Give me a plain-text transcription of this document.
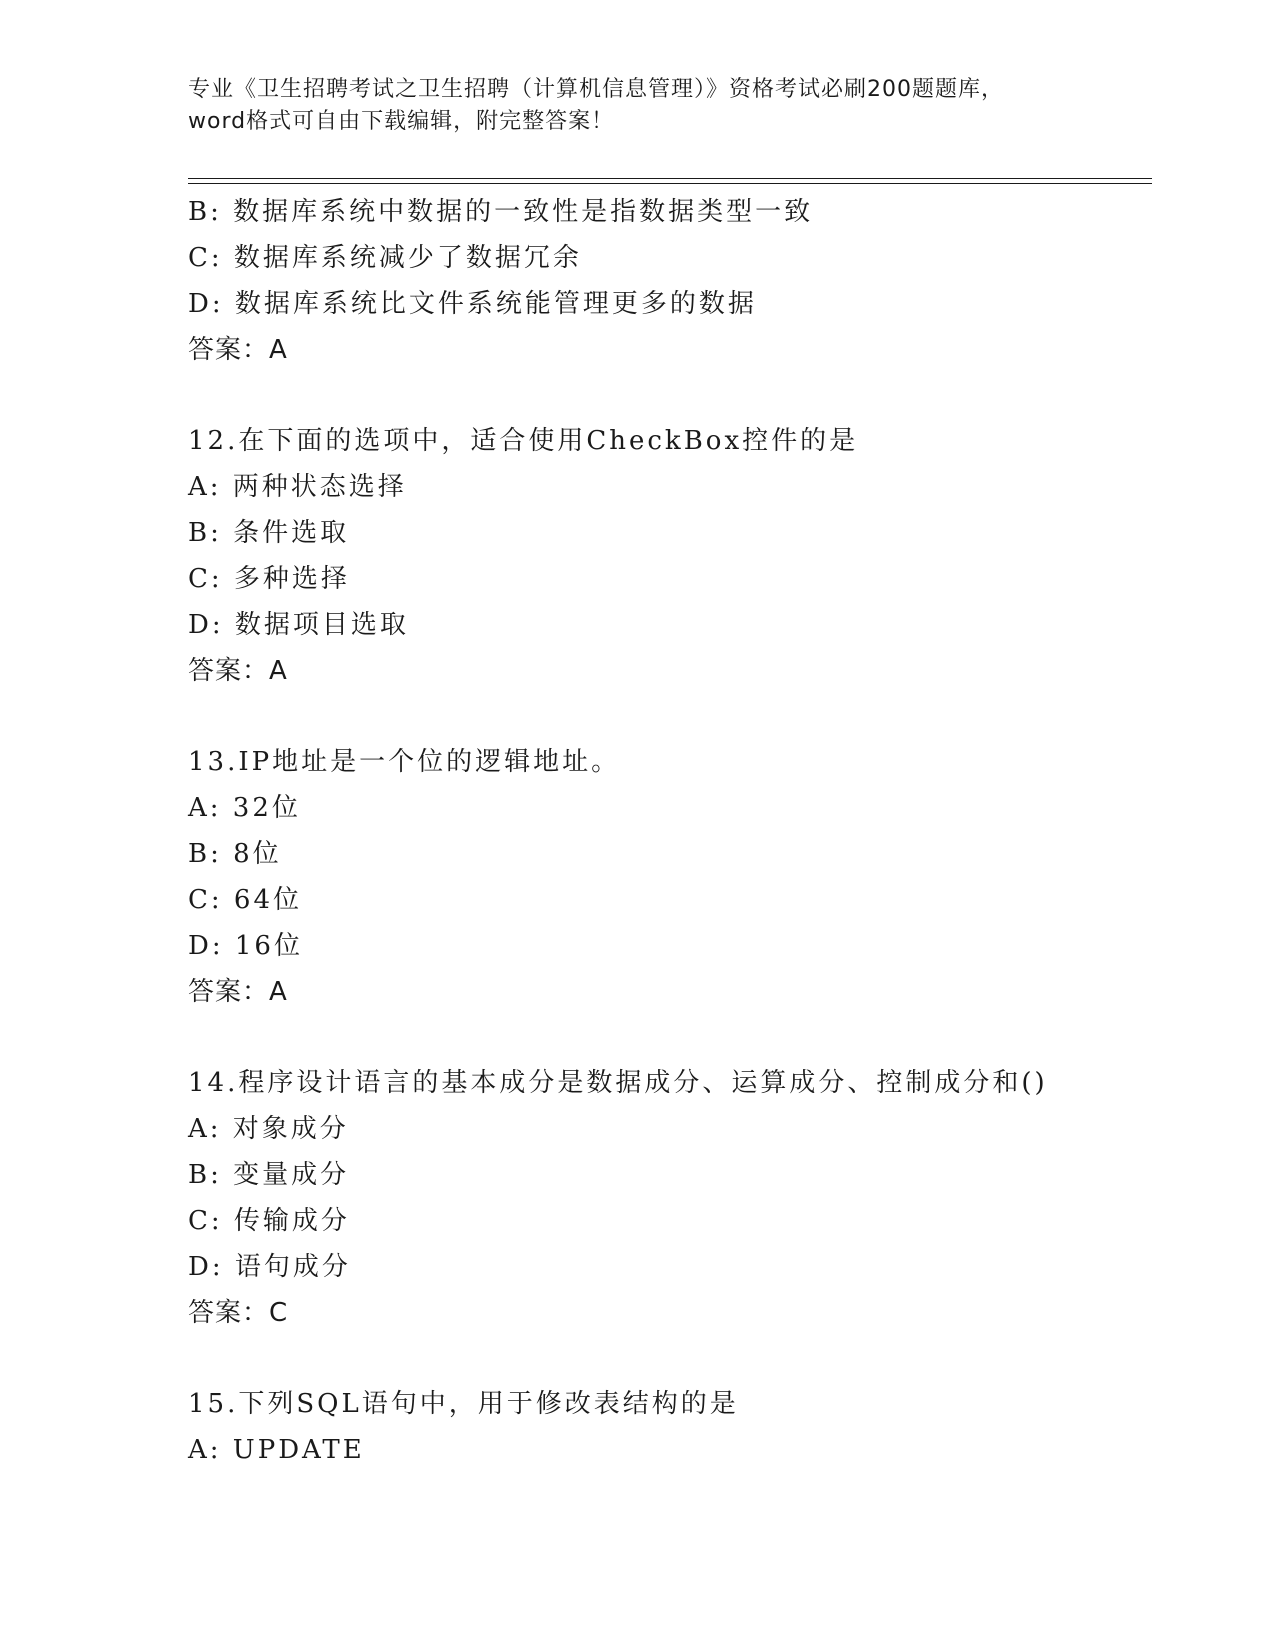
专业《卫生招聘考试之卫生招聘（计算机信息管理）》资格考试必刷200题题库，
word格式可自由下载编辑，附完整答案！
B: 数据库系统中数据的一致性是指数据类型一致
C: 数据库系统减少了数据冗余
D: 数据库系统比文件系统能管理更多的数据
答案：A
12.在下面的选项中，适合使用CheckBox控件的是
A: 两种状态选择
B: 条件选取
C: 多种选择
D: 数据项目选取
答案：A
13.IP地址是一个位的逻辑地址。
A: 32位
B: 8位
C: 64位
D: 16位
答案：A
14.程序设计语言的基本成分是数据成分、运算成分、控制成分和()
A: 对象成分
B: 变量成分
C: 传输成分
D: 语句成分
答案：C
15.下列SQL语句中，用于修改表结构的是
A: UPDATE
